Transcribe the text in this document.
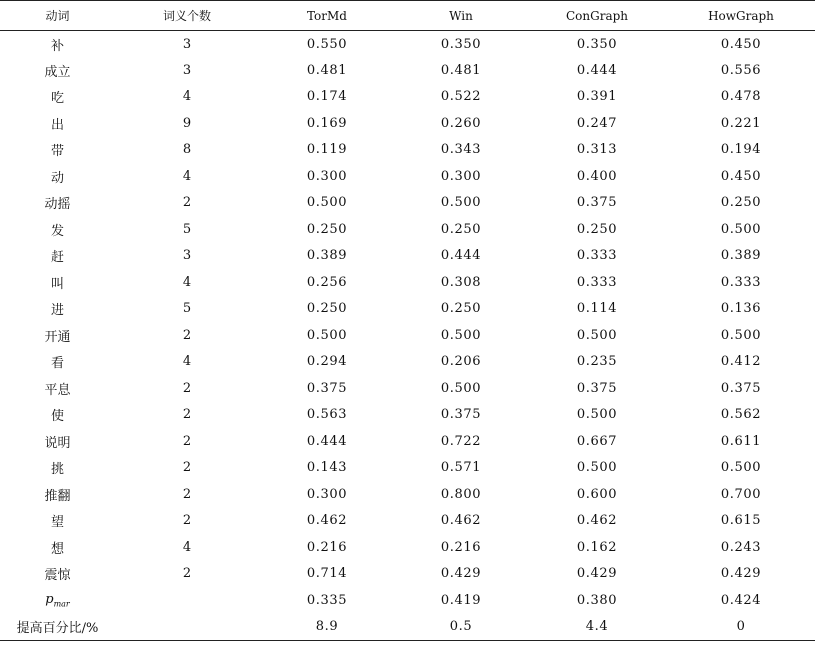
动词	词义个数	TorMd	Win	ConGraph	HowGraph
补	3	0.550	0.350	0.350	0.450
成立	3	0.481	0.481	0.444	0.556
吃	4	0.174	0.522	0.391	0.478
出	9	0.169	0.260	0.247	0.221
带	8	0.119	0.343	0.313	0.194
动	4	0.300	0.300	0.400	0.450
动摇	2	0.500	0.500	0.375	0.250
发	5	0.250	0.250	0.250	0.500
赶	3	0.389	0.444	0.333	0.389
叫	4	0.256	0.308	0.333	0.333
进	5	0.250	0.250	0.114	0.136
开通	2	0.500	0.500	0.500	0.500
看	4	0.294	0.206	0.235	0.412
平息	2	0.375	0.500	0.375	0.375
使	2	0.563	0.375	0.500	0.562
说明	2	0.444	0.722	0.667	0.611
挑	2	0.143	0.571	0.500	0.500
推翻	2	0.300	0.800	0.600	0.700
望	2	0.462	0.462	0.462	0.615
想	4	0.216	0.216	0.162	0.243
震惊	2	0.714	0.429	0.429	0.429
$p_{mar}$		0.335	0.419	0.380	0.424
提高百分比/%		8.9	0.5	4.4	0
